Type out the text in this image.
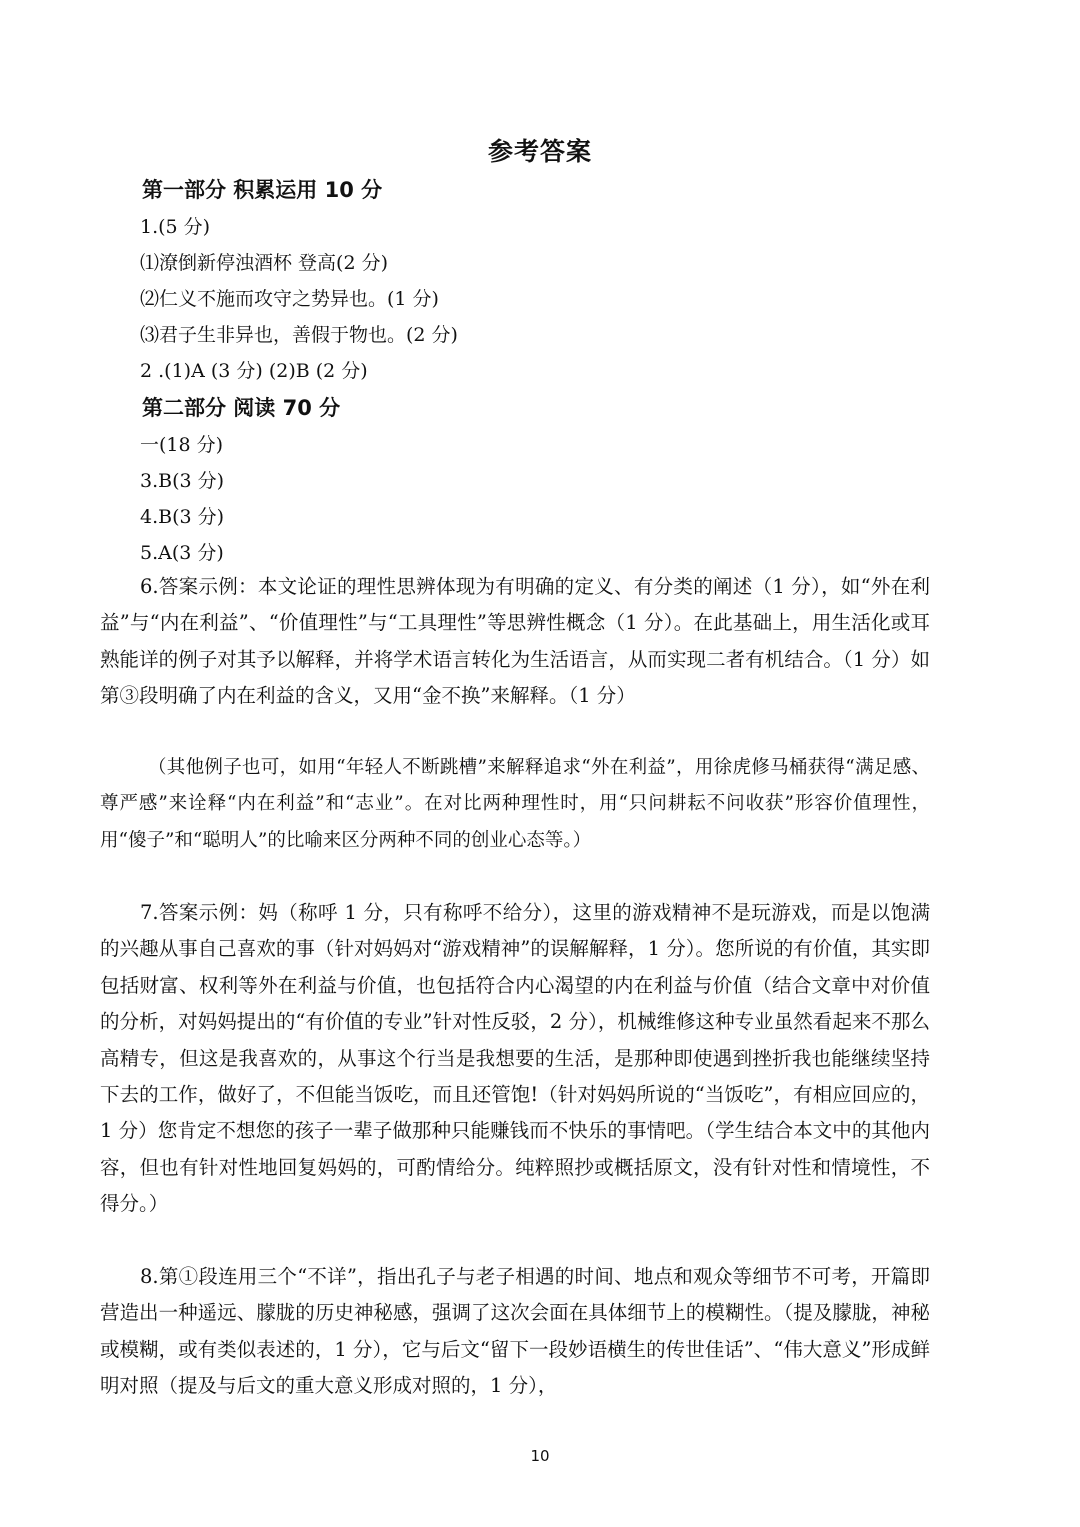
参考答案
第一部分 积累运用 10 分
1.(5 分)
⑴潦倒新停浊酒杯 登高(2 分)
⑵仁义不施而攻守之势异也。(1 分)
⑶君子生非异也，善假于物也。(2 分)
2 .(1)A (3 分) (2)B (2 分)
第二部分 阅读 70 分
一(18 分)
3.B(3 分)
4.B(3 分)
5.A(3 分)
6.答案示例：本文论证的理性思辨体现为有明确的定义、有分类的阐述（1 分），如“外在利益”与“内在利益”、“价值理性”与“工具理性”等思辨性概念（1 分）。在此基础上，用生活化或耳熟能详的例子对其予以解释，并将学术语言转化为生活语言，从而实现二者有机结合。（1 分）如第③段明确了内在利益的含义，又用“金不换”来解释。（1 分）
（其他例子也可，如用“年轻人不断跳槽”来解释追求“外在利益”，用徐虎修马桶获得“满足感、尊严感”来诠释“内在利益”和“志业”。在对比两种理性时，用“只问耕耘不问收获”形容价值理性，用“傻子”和“聪明人”的比喻来区分两种不同的创业心态等。）
7.答案示例：妈（称呼 1 分，只有称呼不给分），这里的游戏精神不是玩游戏，而是以饱满的兴趣从事自己喜欢的事（针对妈妈对“游戏精神”的误解解释，1 分）。您所说的有价值，其实即包括财富、权利等外在利益与价值，也包括符合内心渴望的内在利益与价值（结合文章中对价值的分析，对妈妈提出的“有价值的专业”针对性反驳，2 分），机械维修这种专业虽然看起来不那么高精专，但这是我喜欢的，从事这个行当是我想要的生活，是那种即使遇到挫折我也能继续坚持下去的工作，做好了，不但能当饭吃，而且还管饱!（针对妈妈所说的“当饭吃”，有相应回应的，1 分）您肯定不想您的孩子一辈子做那种只能赚钱而不快乐的事情吧。（学生结合本文中的其他内容，但也有针对性地回复妈妈的，可酌情给分。纯粹照抄或概括原文，没有针对性和情境性，不得分。）
8.第①段连用三个“不详”，指出孔子与老子相遇的时间、地点和观众等细节不可考，开篇即营造出一种遥远、朦胧的历史神秘感，强调了这次会面在具体细节上的模糊性。（提及朦胧，神秘或模糊，或有类似表述的，1 分），它与后文“留下一段妙语横生的传世佳话”、“伟大意义”形成鲜明对照（提及与后文的重大意义形成对照的，1 分），
10
